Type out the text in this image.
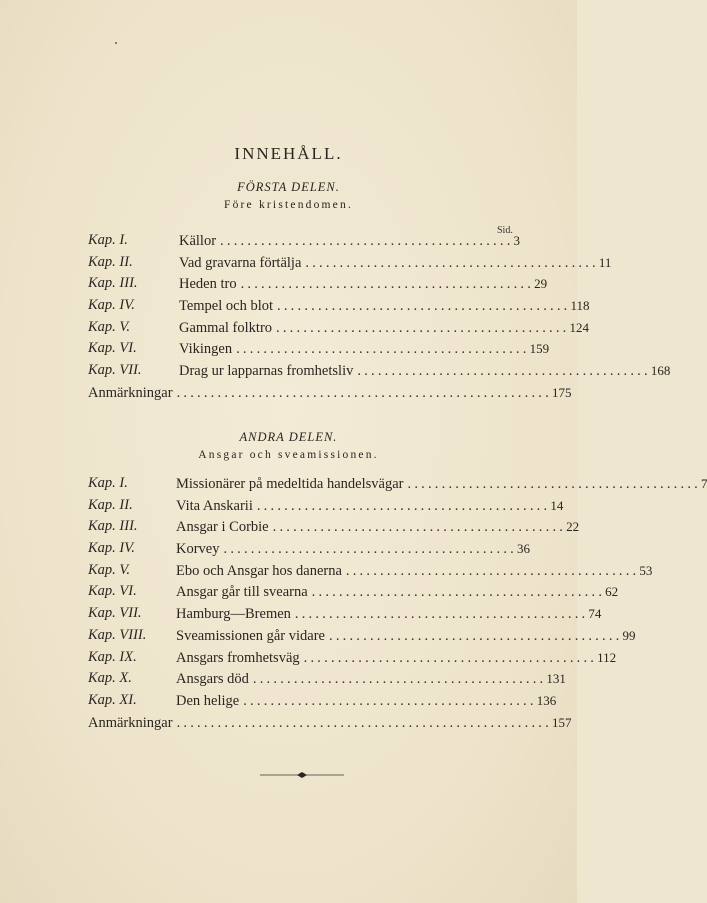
INNEHÅLL.
FÖRSTA DELEN.
Före kristendomen.
Sid.
Kap. I.	Källor ........................................... 3
Kap. II.	Vad gravarna förtälja ........................................... 11
Kap. III.	Heden tro ........................................... 29
Kap. IV.	Tempel och blot ........................................... 118
Kap. V.	Gammal folktro ........................................... 124
Kap. VI.	Vikingen ........................................... 159
Kap. VII.	Drag ur lapparnas fromhetsliv ........................................... 168
Anmärkningar ....................................................... 175
ANDRA DELEN.
Ansgar och sveamissionen.
Kap. I.	Missionärer på medeltida handelsvägar ........................................... 7
Kap. II.	Vita Anskarii ........................................... 14
Kap. III.	Ansgar i Corbie ........................................... 22
Kap. IV.	Korvey ........................................... 36
Kap. V.	Ebo och Ansgar hos danerna ........................................... 53
Kap. VI.	Ansgar går till svearna ........................................... 62
Kap. VII. Hamburg—Bremen ........................................... 74
Kap. VIII. Sveamissionen går vidare ........................................... 99
Kap. IX.	Ansgars fromhetsväg ........................................... 112
Kap. X.	Ansgars död ........................................... 131
Kap. XI.	Den helige ........................................... 136
Anmärkningar ....................................................... 157
